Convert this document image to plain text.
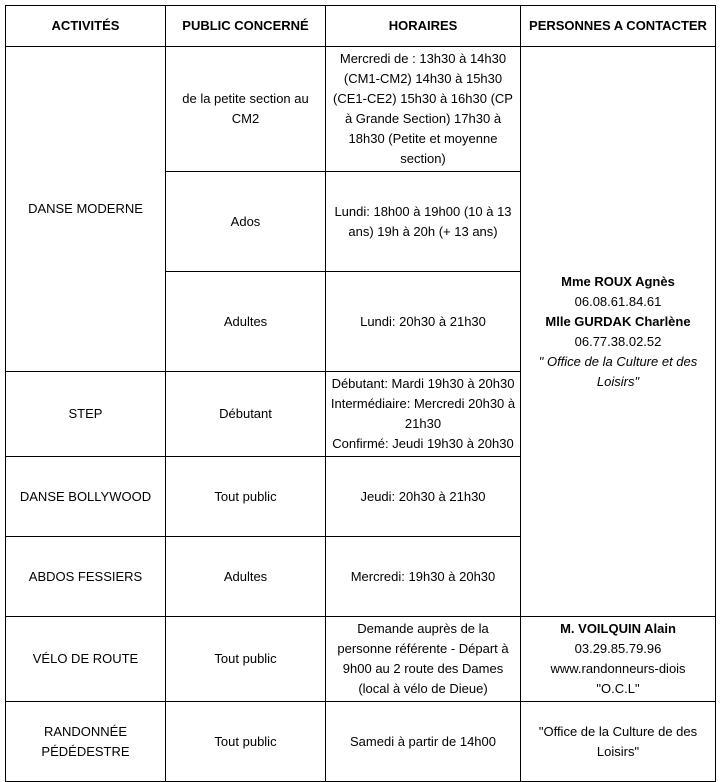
ACTIVITÉS	PUBLIC CONCERNÉ	HORAIRES	PERSONNES A CONTACTER
DANSE MODERNE	de la petite section au CM2	Mercredi de : 13h30 à 14h30 (CM1-CM2) 14h30 à 15h30 (CE1-CE2) 15h30 à 16h30 (CP à Grande Section) 17h30 à 18h30 (Petite et moyenne section)	Mme ROUX Agnès
06.08.61.84.61
Mlle GURDAK Charlène
06.77.38.02.52
" Office de la Culture et des Loisirs"

	Ados	Lundi: 18h00 à 19h00 (10 à 13 ans) 19h à 20h (+ 13 ans)	
	Adultes	Lundi: 20h30 à 21h30	
STEP	Débutant	Débutant: Mardi 19h30 à 20h30
Intermédiaire: Mercredi 20h30 à 21h30
Confirmé: Jeudi 19h30 à 20h30	

DANSE BOLLYWOOD	Tout public	Jeudi: 20h30 à 21h30	
ABDOS FESSIERS	Adultes	Mercredi: 19h30 à 20h30	
VÉLO DE ROUTE	Tout public	Demande auprès de la personne référente - Départ à 9h00 au 2 route des Dames (local à vélo de Dieue)	M. VOILQUIN Alain
03.29.85.79.96
www.randonneurs-diois
"O.C.L"

RANDONNÉE PÉDÉDESTRE	Tout public	Samedi à partir de 14h00	"Office de la Culture de des Loisirs"
